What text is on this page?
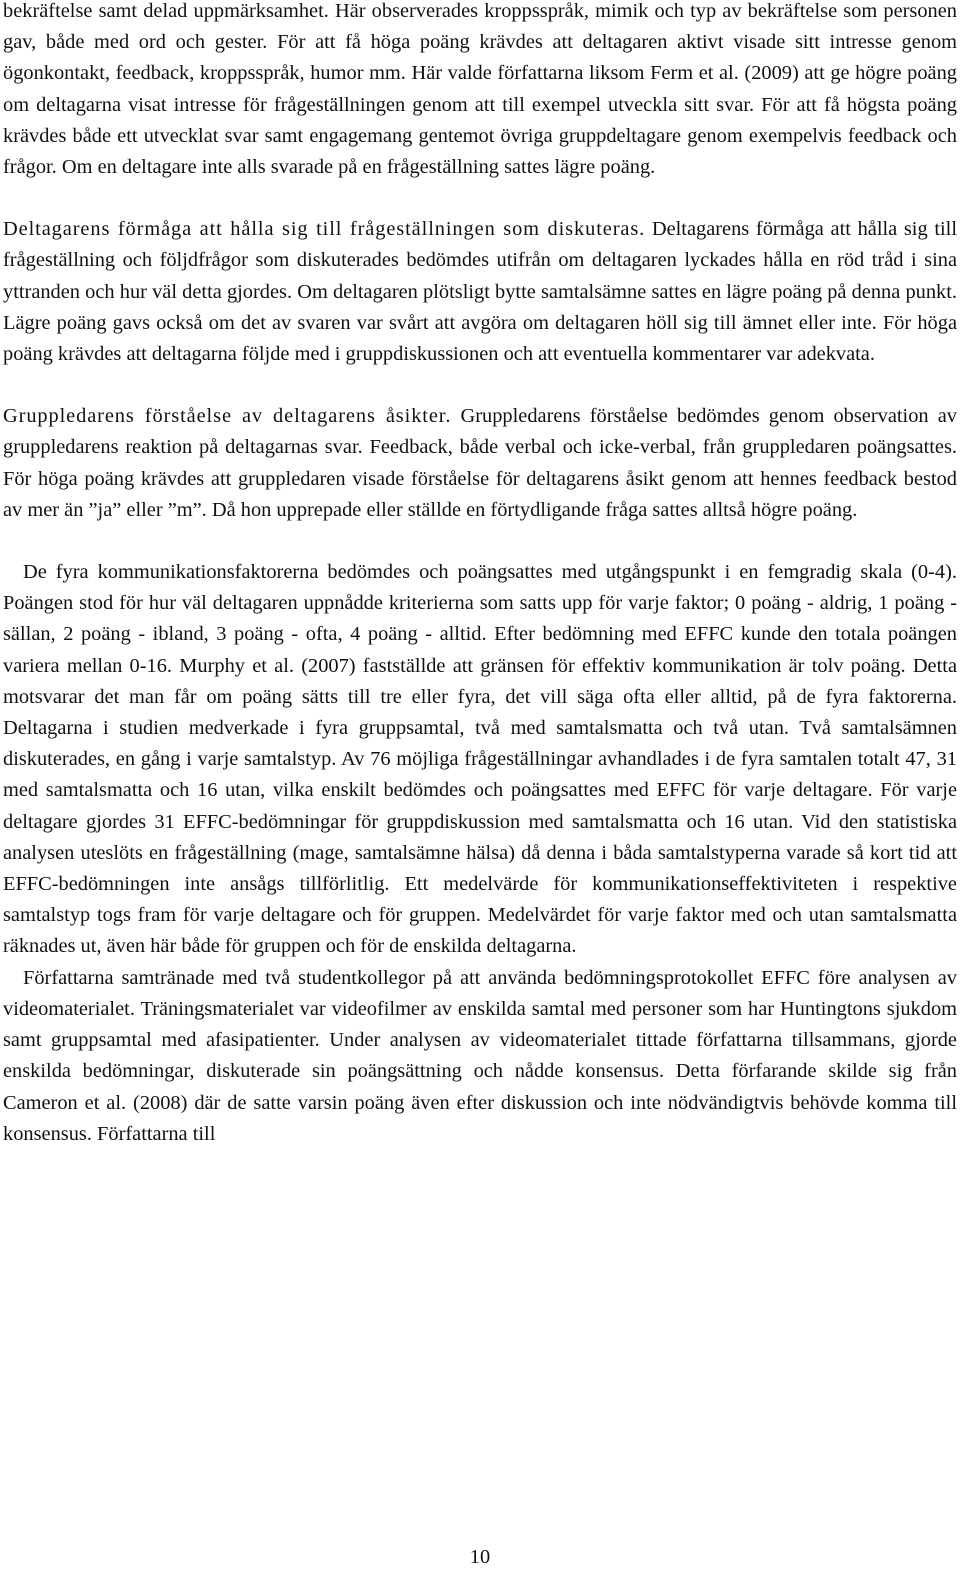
bekräftelse samt delad uppmärksamhet. Här observerades kroppsspråk, mimik och typ av bekräftelse som personen gav, både med ord och gester. För att få höga poäng krävdes att deltagaren aktivt visade sitt intresse genom ögonkontakt, feedback, kroppsspråk, humor mm. Här valde författarna liksom Ferm et al. (2009) att ge högre poäng om deltagarna visat intresse för frågeställningen genom att till exempel utveckla sitt svar. För att få högsta poäng krävdes både ett utvecklat svar samt engagemang gentemot övriga gruppdeltagare genom exempelvis feedback och frågor. Om en deltagare inte alls svarade på en frågeställning sattes lägre poäng.

Deltagarens förmåga att hålla sig till frågeställningen som diskuteras. Deltagarens förmåga att hålla sig till frågeställning och följdfrågor som diskuterades bedömdes utifrån om deltagaren lyckades hålla en röd tråd i sina yttranden och hur väl detta gjordes. Om deltagaren plötsligt bytte samtalsämne sattes en lägre poäng på denna punkt. Lägre poäng gavs också om det av svaren var svårt att avgöra om deltagaren höll sig till ämnet eller inte. För höga poäng krävdes att deltagarna följde med i gruppdiskussionen och att eventuella kommentarer var adekvata.

Gruppledarens förståelse av deltagarens åsikter. Gruppledarens förståelse bedömdes genom observation av gruppledarens reaktion på deltagarnas svar. Feedback, både verbal och icke-verbal, från gruppledaren poängsattes. För höga poäng krävdes att gruppledaren visade förståelse för deltagarens åsikt genom att hennes feedback bestod av mer än ”ja” eller ”m”. Då hon upprepade eller ställde en förtydligande fråga sattes alltså högre poäng.

De fyra kommunikationsfaktorerna bedömdes och poängsattes med utgångspunkt i en femgradig skala (0-4). Poängen stod för hur väl deltagaren uppnådde kriterierna som satts upp för varje faktor; 0 poäng - aldrig, 1 poäng - sällan, 2 poäng - ibland, 3 poäng - ofta, 4 poäng - alltid. Efter bedömning med EFFC kunde den totala poängen variera mellan 0-16. Murphy et al. (2007) fastställde att gränsen för effektiv kommunikation är tolv poäng. Detta motsvarar det man får om poäng sätts till tre eller fyra, det vill säga ofta eller alltid, på de fyra faktorerna. Deltagarna i studien medverkade i fyra gruppsamtal, två med samtalsmatta och två utan. Två samtalsämnen diskuterades, en gång i varje samtalstyp. Av 76 möjliga frågeställningar avhandlades i de fyra samtalen totalt 47, 31 med samtalsmatta och 16 utan, vilka enskilt bedömdes och poängsattes med EFFC för varje deltagare. För varje deltagare gjordes 31 EFFC-bedömningar för gruppdiskussion med samtalsmatta och 16 utan. Vid den statistiska analysen uteslöts en frågeställning (mage, samtalsämne hälsa) då denna i båda samtalstyperna varade så kort tid att EFFC-bedömningen inte ansågs tillförlitlig. Ett medelvärde för kommunikationseffektiviteten i respektive samtalstyp togs fram för varje deltagare och för gruppen. Medelvärdet för varje faktor med och utan samtalsmatta räknades ut, även här både för gruppen och för de enskilda deltagarna.

Författarna samtränade med två studentkollegor på att använda bedömningsprotokollet EFFC före analysen av videomaterialet. Träningsmaterialet var videofilmer av enskilda samtal med personer som har Huntingtons sjukdom samt gruppsamtal med afasipatienter. Under analysen av videomaterialet tittade författarna tillsammans, gjorde enskilda bedömningar, diskuterade sin poängsättning och nådde konsensus. Detta förfarande skilde sig från Cameron et al. (2008) där de satte varsin poäng även efter diskussion och inte nödvändigtvis behövde komma till konsensus. Författarna till

10
